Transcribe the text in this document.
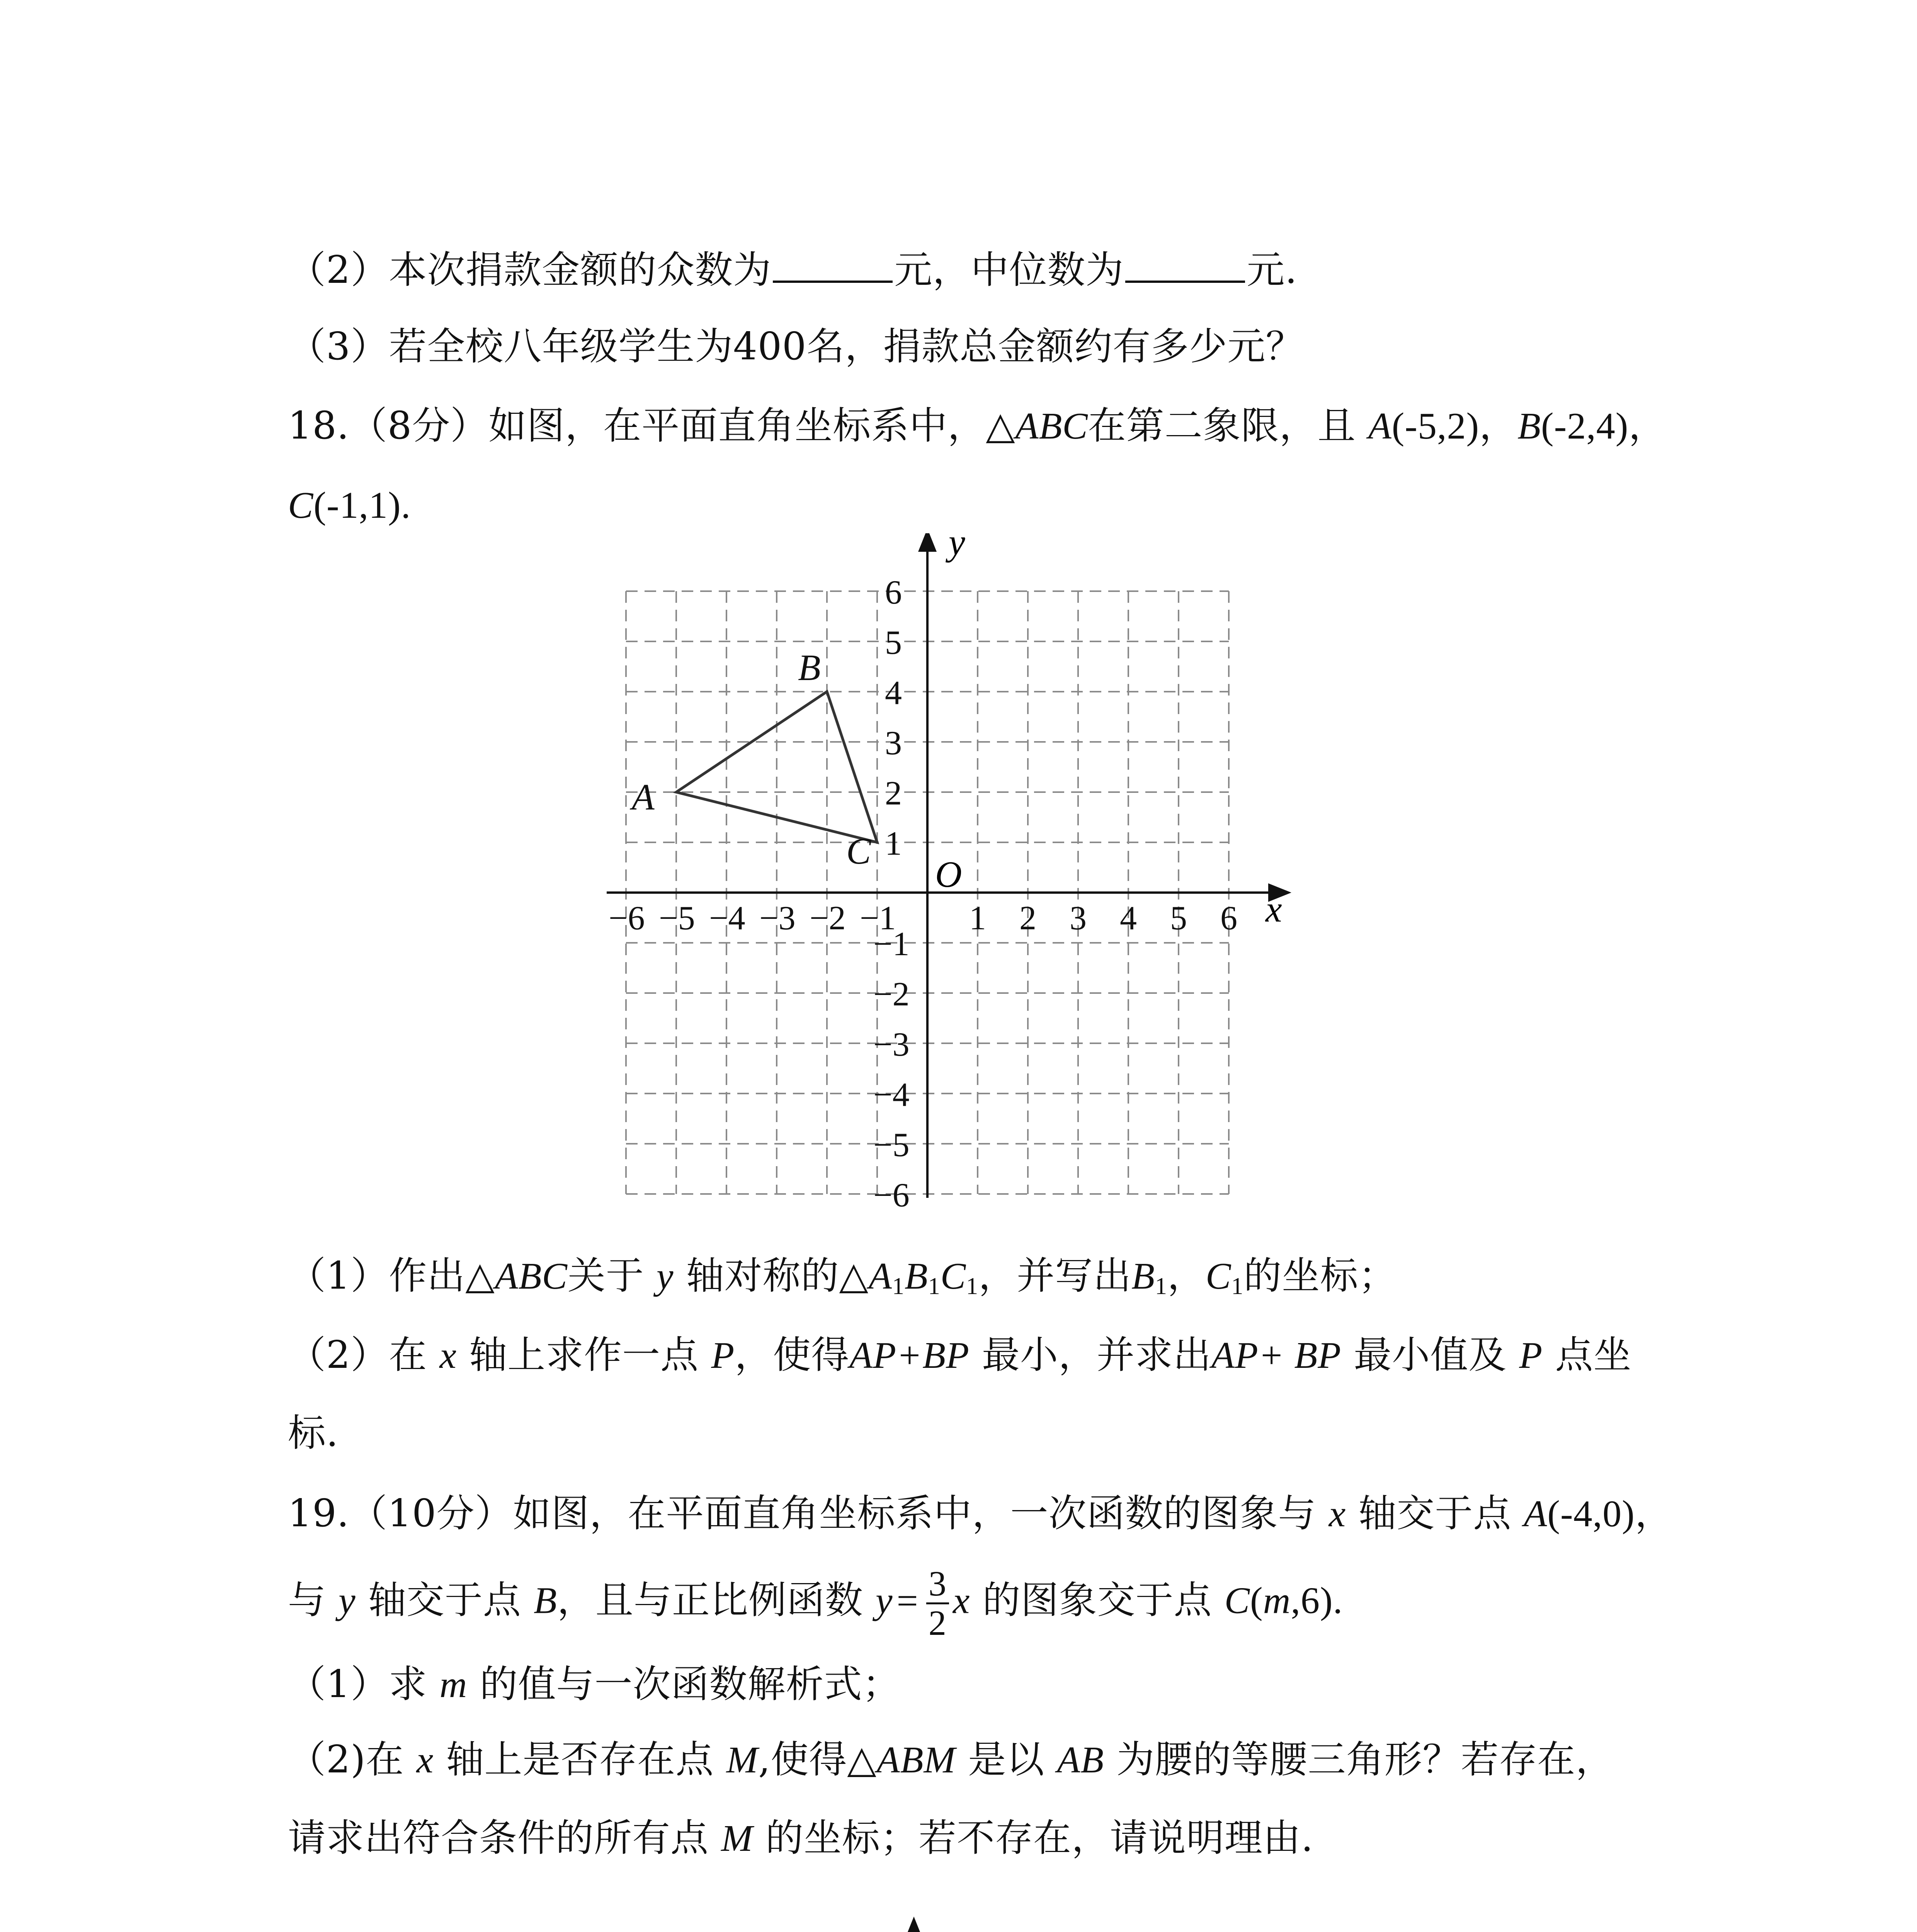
（2）本次捐款金额的众数为	元，中位数为	元.
（3）若全校八年级学生为400名，捐款总金额约有多少元？
18.（8分）如图，在平面直角坐标系中，△ABC在第二象限，且 A(-5,2)，B(-2,4)，
C(-1,1).
−6 −5 −4 −3 −2 −1 1 2 3 4 5 6
1
2
3
4
5
6
−1
−2
−3
−4
−5
−6
A
B
C
x
y
O
（1）作出△ABC关于 y 轴对称的$\triangle A_1B_1C_1$，并写出$B_1$，$C_1$的坐标；
（2）在 x 轴上求作一点 P，使得AP+BP 最小，并求出AP+ BP 最小值及 P 点坐
标.
19.（10分）如图，在平面直角坐标系中，一次函数的图象与 x 轴交于点 A(-4,0)，
与 y 轴交于点 B，且与正比例函数 $y = \frac{3}{2}$ x 的图象交于点 C(m,6).
（1）求 m 的值与一次函数解析式；
（2)在 x 轴上是否存在点 M,使得△ABM 是以 AB 为腰的等腰三角形？若存在，
请求出符合条件的所有点 M 的坐标；若不存在，请说明理由.
